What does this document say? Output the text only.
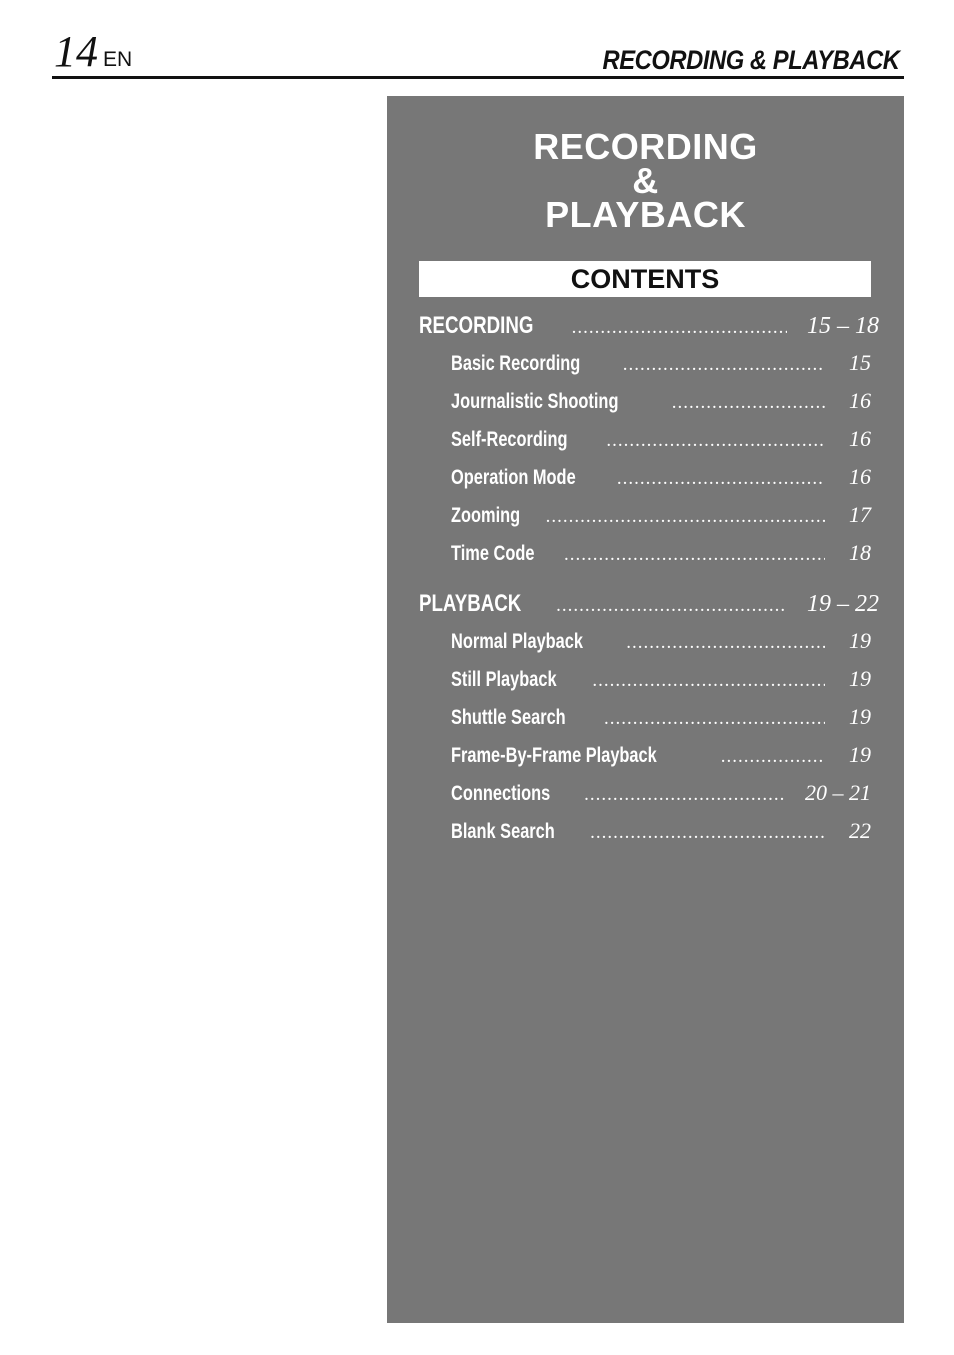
14 EN	RECORDING & PLAYBACK
RECORDING
&
PLAYBACK
CONTENTS
RECORDING .....	15 – 18
Basic Recording .....	15
Journalistic Shooting .....	16
Self-Recording .....	16
Operation Mode .....	16
Zooming .....	17
Time Code .....	18
PLAYBACK .....	19 – 22
Normal Playback .....	19
Still Playback .....	19
Shuttle Search .....	19
Frame-By-Frame Playback .....	19
Connections .....	20 – 21
Blank Search .....	22
